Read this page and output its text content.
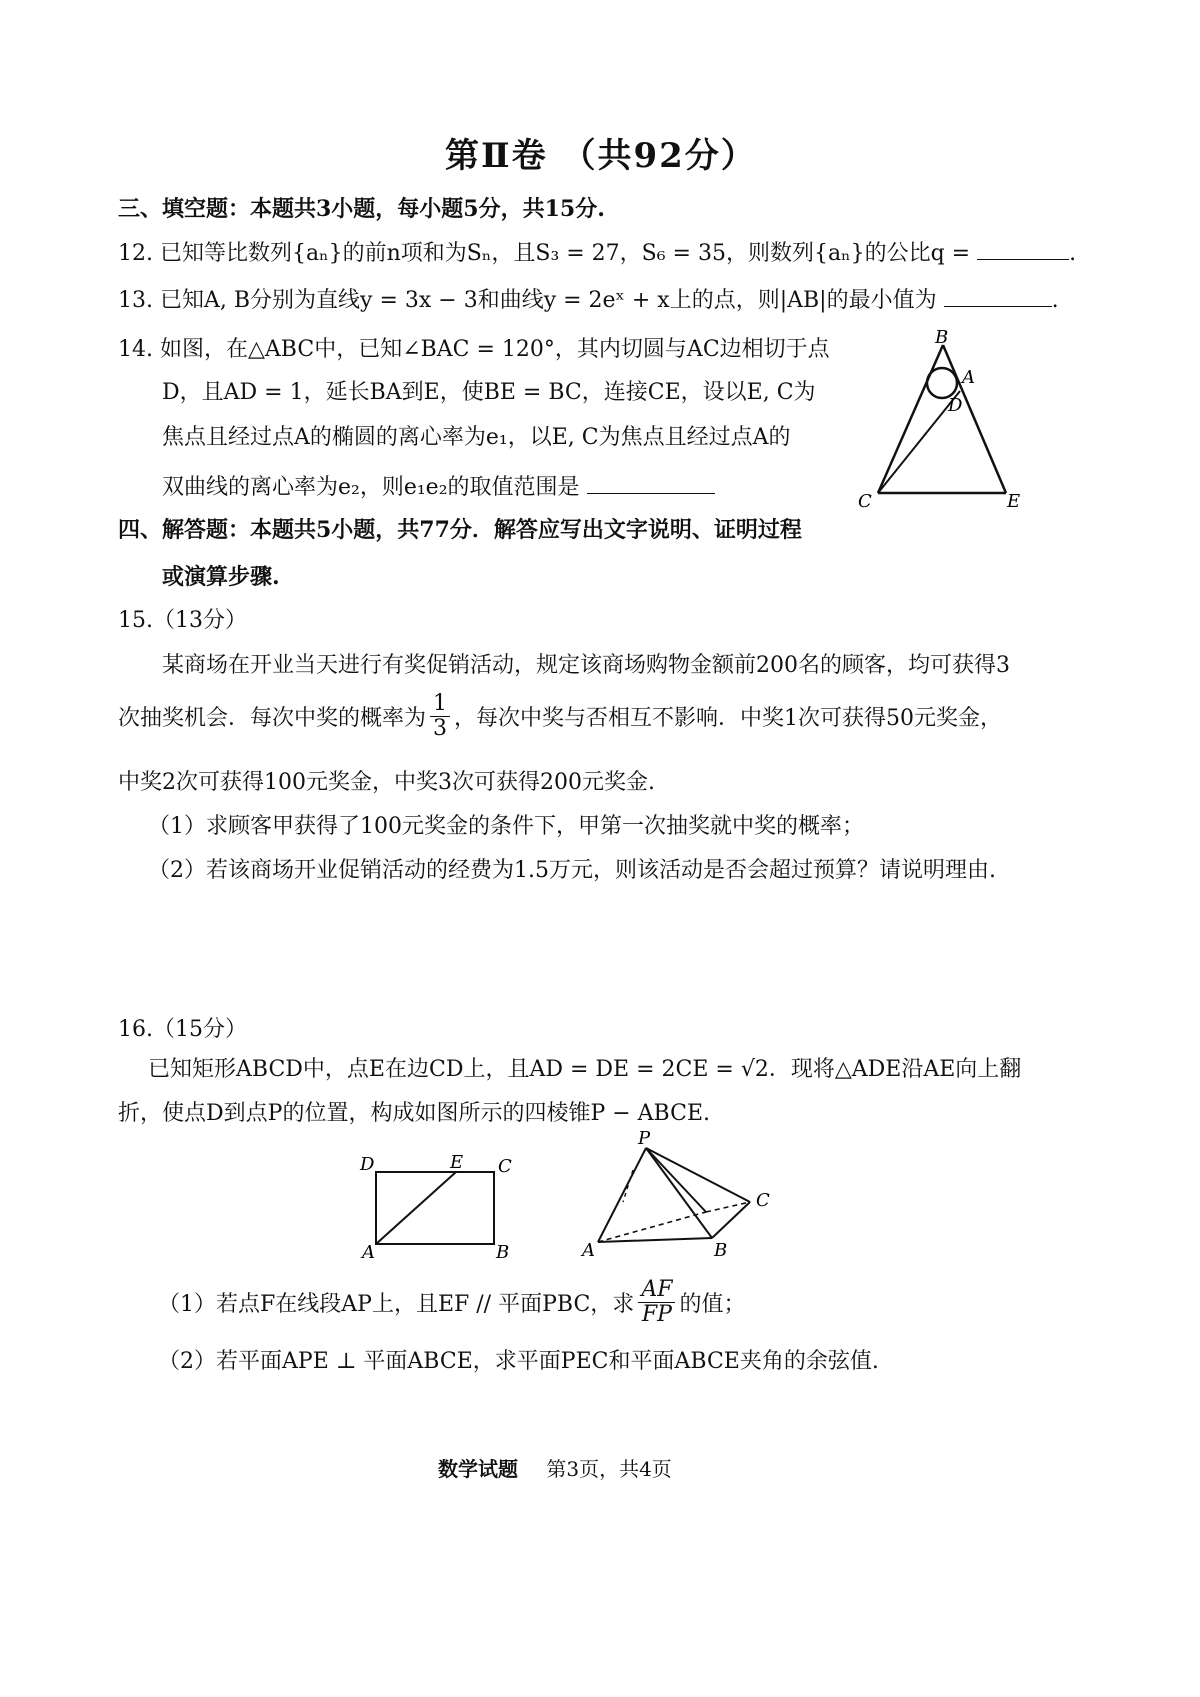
第Ⅱ卷 （共92分）
三、填空题：本题共3小题，每小题5分，共15分.
12. 已知等比数列{aₙ}的前n项和为Sₙ，且S₃ = 27，S₆ = 35，则数列{aₙ}的公比q =	.
13. 已知A, B分别为直线y = 3x − 3和曲线y = 2eˣ + x上的点，则|AB|的最小值为	.
14. 如图，在△ABC中，已知∠BAC = 120°，其内切圆与AC边相切于点
D，且AD = 1，延长BA到E，使BE = BC，连接CE，设以E, C为
焦点且经过点A的椭圆的离心率为e₁，以E, C为焦点且经过点A的
双曲线的离心率为e₂，则e₁e₂的取值范围是
B
A
D
C	E
四、解答题：本题共5小题，共77分．解答应写出文字说明、证明过程
或演算步骤.
15.（13分）
某商场在开业当天进行有奖促销活动，规定该商场购物金额前200名的顾客，均可获得3
次抽奖机会．每次中奖的概率为 $\frac{1}{3}$ ，每次中奖与否相互不影响．中奖1次可获得50元奖金，
中奖2次可获得100元奖金，中奖3次可获得200元奖金.
（1）求顾客甲获得了100元奖金的条件下，甲第一次抽奖就中奖的概率；
（2）若该商场开业促销活动的经费为1.5万元，则该活动是否会超过预算？请说明理由.
16.（15分）
已知矩形ABCD中，点E在边CD上，且AD = DE = 2CE = √2．现将△ADE沿AE向上翻
折，使点D到点P的位置，构成如图所示的四棱锥P − ABCE.
D	E C
A	B
P
C
A	B
（1）若点F在线段AP上，且EF // 平面PBC，求 $\frac{AF}{FP}$ 的值；
（2）若平面APE ⊥ 平面ABCE，求平面PEC和平面ABCE夹角的余弦值.
数学试题 第3页，共4页
